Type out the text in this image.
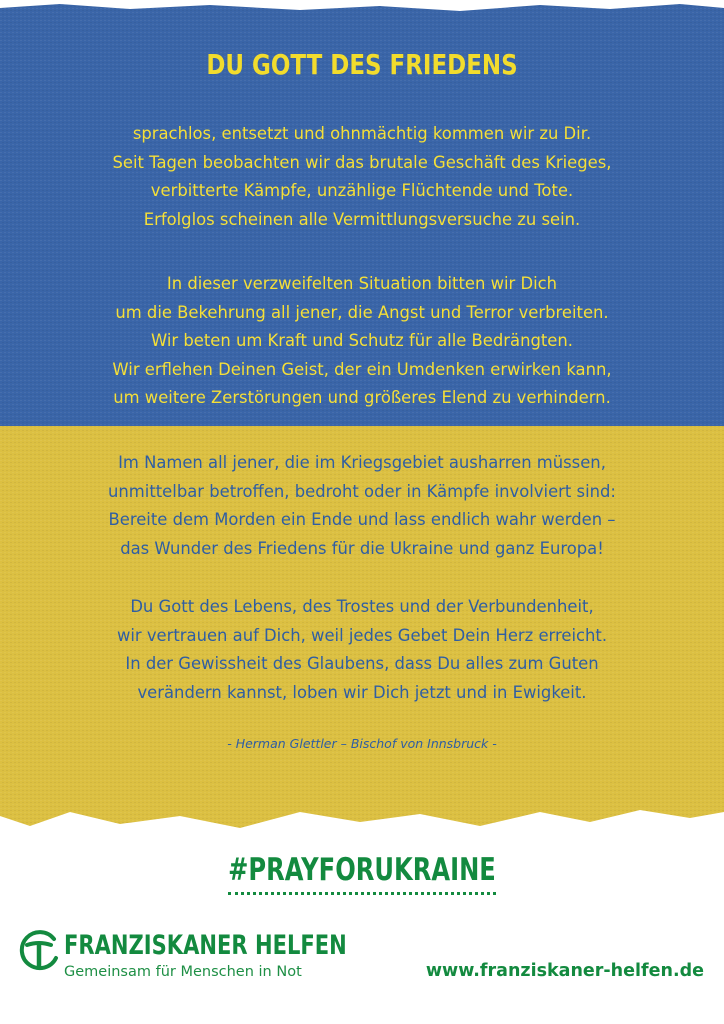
DU GOTT DES FRIEDENS
sprachlos, entsetzt und ohnmächtig kommen wir zu Dir.
Seit Tagen beobachten wir das brutale Geschäft des Krieges,
verbitterte Kämpfe, unzählige Flüchtende und Tote.
Erfolglos scheinen alle Vermittlungsversuche zu sein.
In dieser verzweifelten Situation bitten wir Dich
um die Bekehrung all jener, die Angst und Terror verbreiten.
Wir beten um Kraft und Schutz für alle Bedrängten.
Wir erflehen Deinen Geist, der ein Umdenken erwirken kann,
um weitere Zerstörungen und größeres Elend zu verhindern.
Im Namen all jener, die im Kriegsgebiet ausharren müssen,
unmittelbar betroffen, bedroht oder in Kämpfe involviert sind:
Bereite dem Morden ein Ende und lass endlich wahr werden –
das Wunder des Friedens für die Ukraine und ganz Europa!
Du Gott des Lebens, des Trostes und der Verbundenheit,
wir vertrauen auf Dich, weil jedes Gebet Dein Herz erreicht.
In der Gewissheit des Glaubens, dass Du alles zum Guten
verändern kannst, loben wir Dich jetzt und in Ewigkeit.
- Herman Glettler – Bischof von Innsbruck -
#PRAYFORUKRAINE
FRANZISKANER HELFEN
Gemeinsam für Menschen in Not	www.franziskaner-helfen.de
